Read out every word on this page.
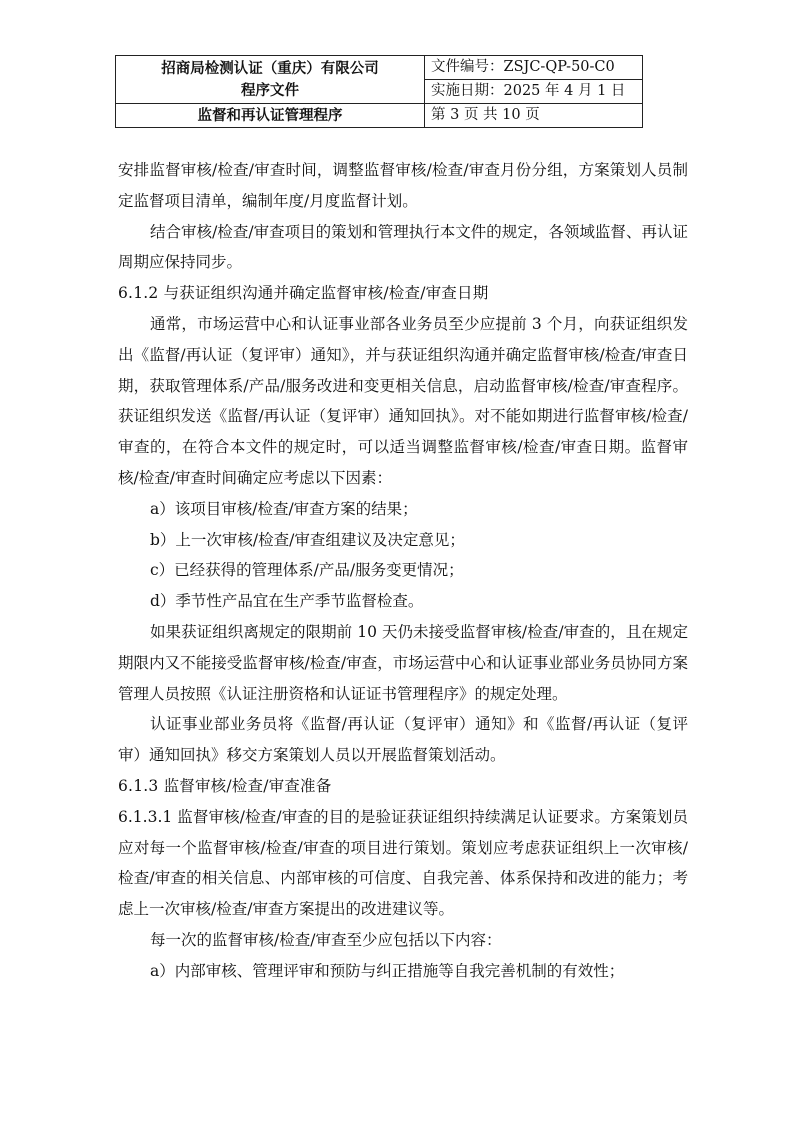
招商局检测认证（重庆）有限公司
程序文件	文件编号：ZSJC-QP-50-C0
	实施日期：2025 年 4 月 1 日
监督和再认证管理程序	第 3 页 共 10 页

安排监督审核/检查/审查时间，调整监督审核/检查/审查月份分组，方案策划人员制定监督项目清单，编制年度/月度监督计划。

结合审核/检查/审查项目的策划和管理执行本文件的规定，各领域监督、再认证周期应保持同步。

6.1.2 与获证组织沟通并确定监督审核/检查/审查日期

通常，市场运营中心和认证事业部各业务员至少应提前 3 个月，向获证组织发出《监督/再认证（复评审）通知》，并与获证组织沟通并确定监督审核/检查/审查日期，获取管理体系/产品/服务改进和变更相关信息，启动监督审核/检查/审查程序。获证组织发送《监督/再认证（复评审）通知回执》。对不能如期进行监督审核/检查/审查的，在符合本文件的规定时，可以适当调整监督审核/检查/审查日期。监督审核/检查/审查时间确定应考虑以下因素：

a）该项目审核/检查/审查方案的结果；

b）上一次审核/检查/审查组建议及决定意见；

c）已经获得的管理体系/产品/服务变更情况；

d）季节性产品宜在生产季节监督检查。

如果获证组织离规定的限期前 10 天仍未接受监督审核/检查/审查的，且在规定期限内又不能接受监督审核/检查/审查，市场运营中心和认证事业部业务员协同方案管理人员按照《认证注册资格和认证证书管理程序》的规定处理。

认证事业部业务员将《监督/再认证（复评审）通知》和《监督/再认证（复评审）通知回执》移交方案策划人员以开展监督策划活动。

6.1.3 监督审核/检查/审查准备

6.1.3.1 监督审核/检查/审查的目的是验证获证组织持续满足认证要求。方案策划员应对每一个监督审核/检查/审查的项目进行策划。策划应考虑获证组织上一次审核/检查/审查的相关信息、内部审核的可信度、自我完善、体系保持和改进的能力；考虑上一次审核/检查/审查方案提出的改进建议等。

每一次的监督审核/检查/审查至少应包括以下内容：

a）内部审核、管理评审和预防与纠正措施等自我完善机制的有效性；
